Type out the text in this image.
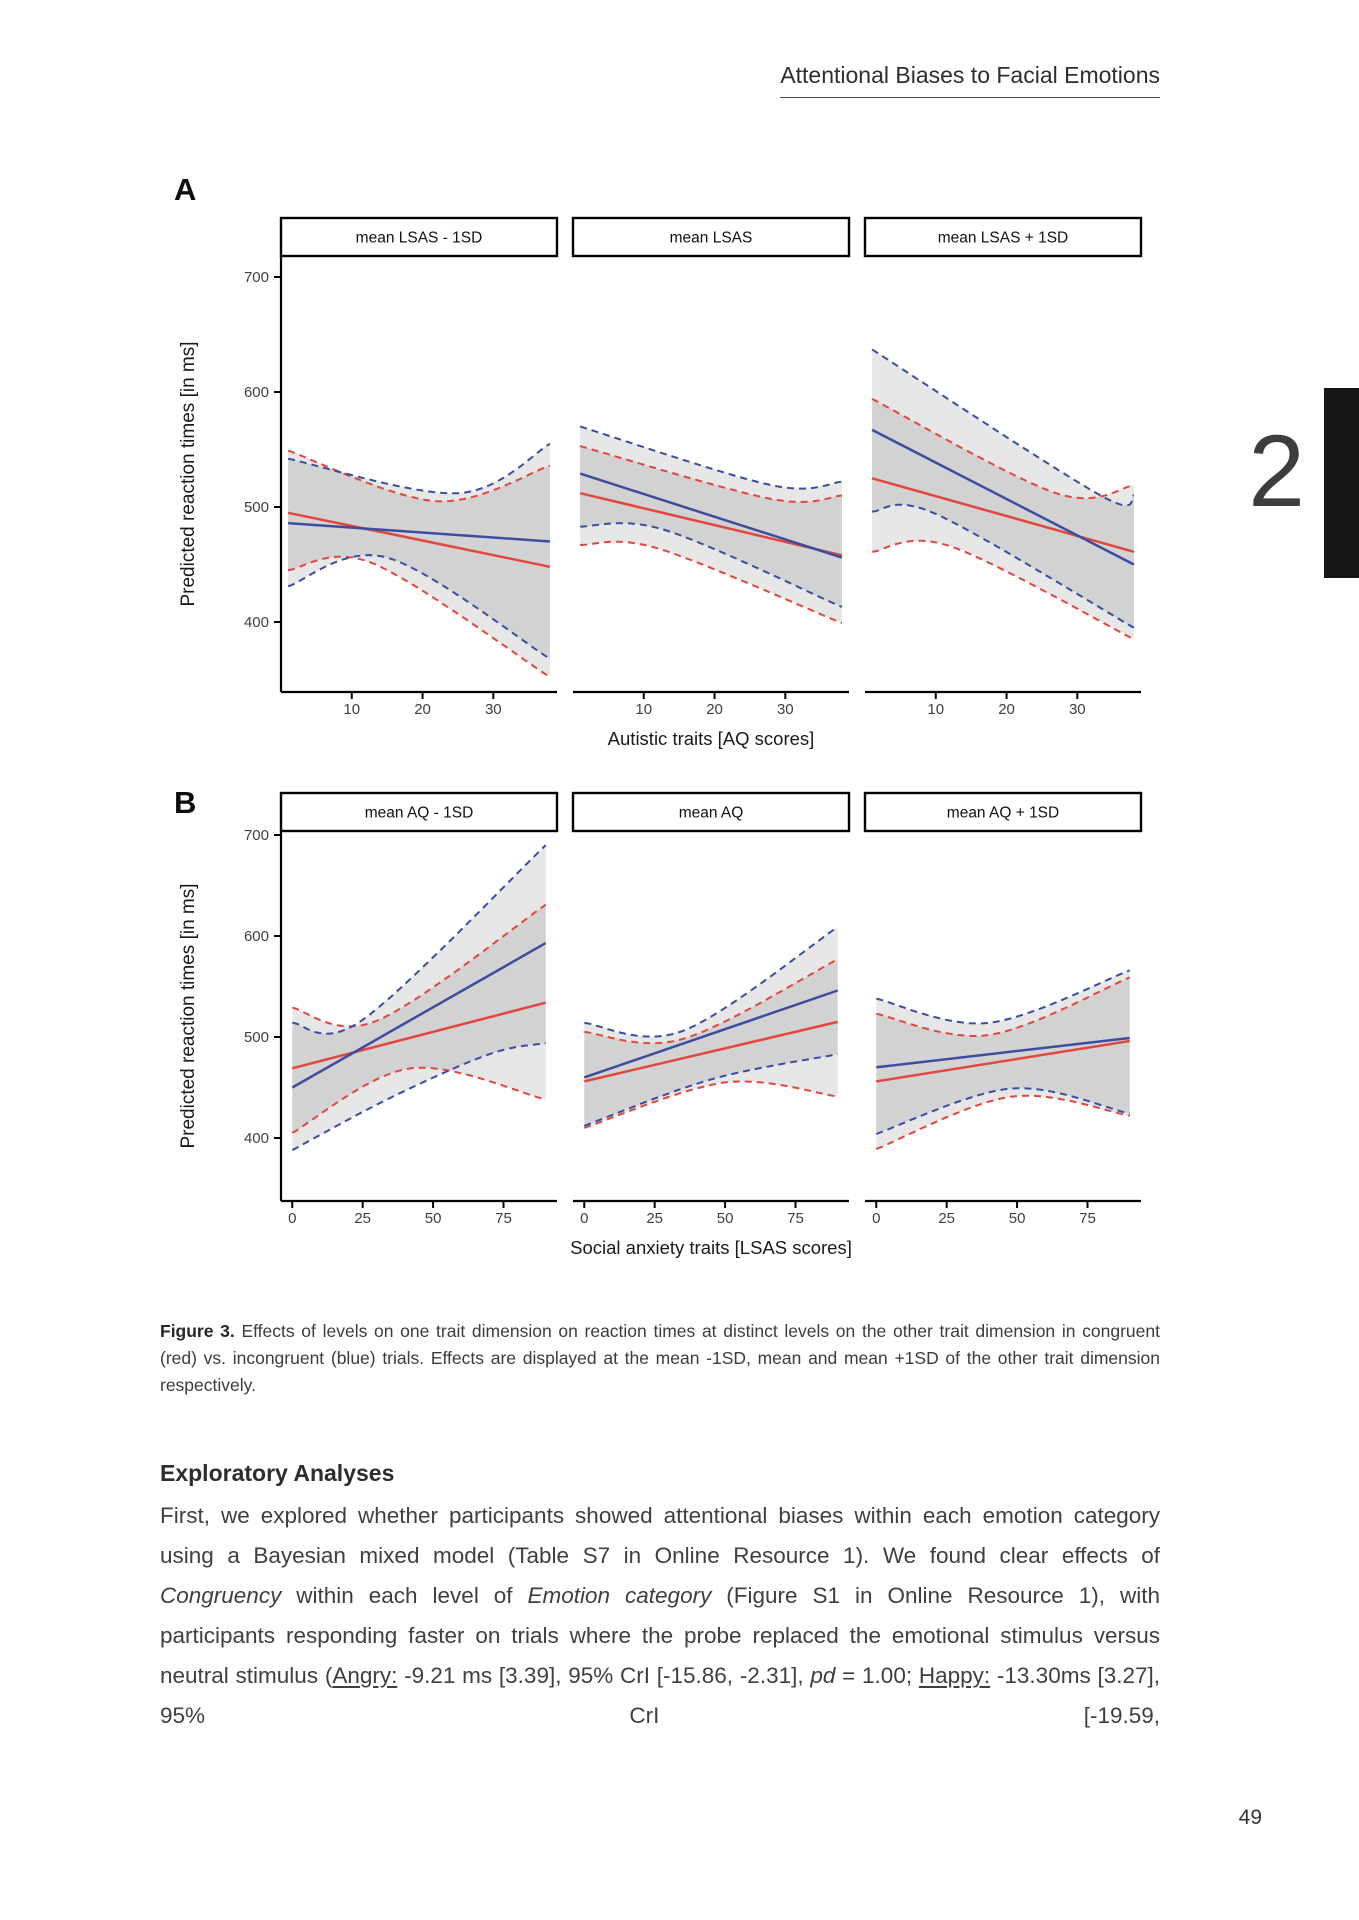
Attentional Biases to Facial Emotions
2
A
400
500
600
700
Predicted reaction times [in ms]
mean LSAS - 1SD
10	20	30
mean LSAS
10	20	30
mean LSAS + 1SD
10	20	30
Autistic traits [AQ scores]
B
400
500
600
700
Predicted reaction times [in ms]
mean AQ - 1SD
0	25	50	75
mean AQ
0	25	50	75
mean AQ + 1SD
0	25	50	75
Social anxiety traits [LSAS scores]

Figure 3. Effects of levels on one trait dimension on reaction times at distinct levels on the other trait dimension in congruent (red) vs. incongruent (blue) trials. Effects are displayed at the mean -1SD, mean and mean +1SD of the other trait dimension respectively.

Exploratory Analyses

First, we explored whether participants showed attentional biases within each emotion category using a Bayesian mixed model (Table S7 in Online Resource 1). We found clear effects of Congruency within each level of Emotion category (Figure S1 in Online Resource 1), with participants responding faster on trials where the probe replaced the emotional stimulus versus neutral stimulus (Angry: -9.21 ms [3.39], 95% CrI [-15.86, -2.31], pd = 1.00; Happy: -13.30ms [3.27], 95% CrI [-19.59,

49
